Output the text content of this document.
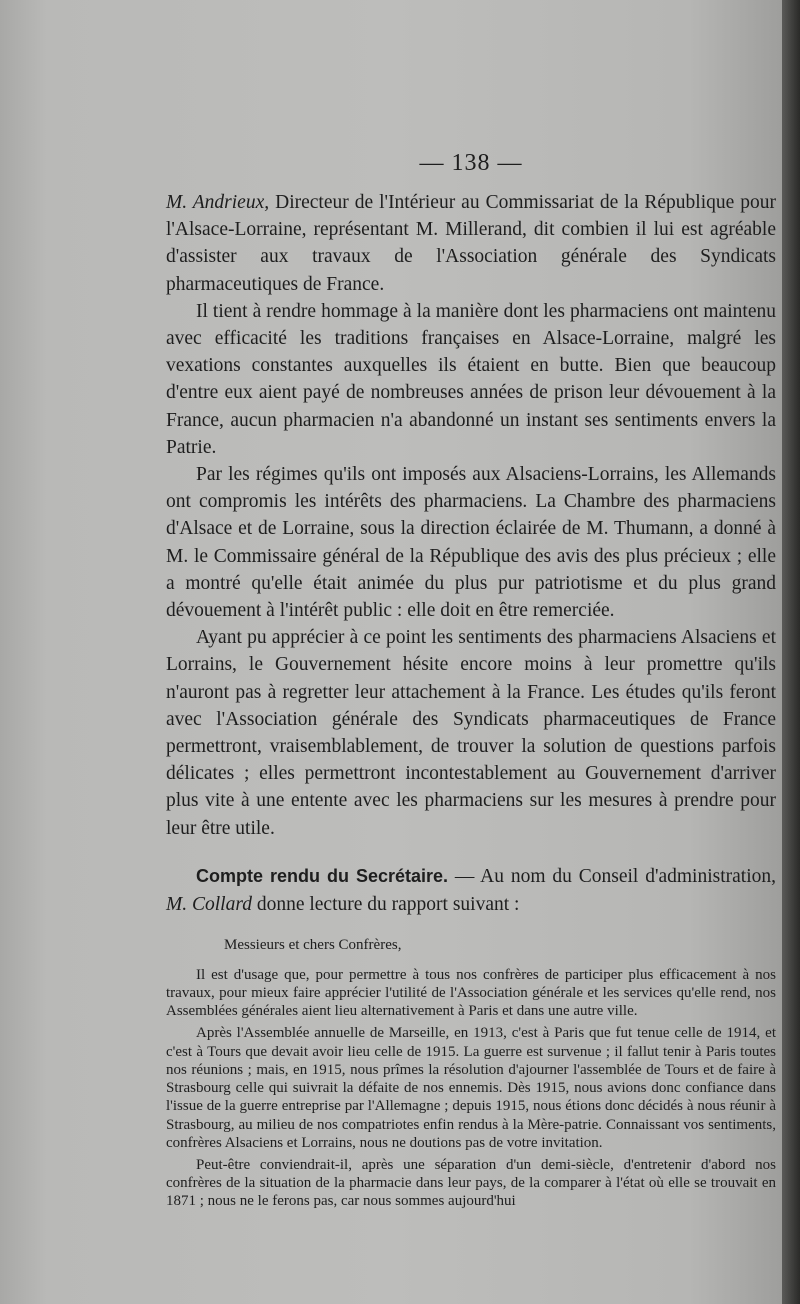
— 138 —

M. Andrieux, Directeur de l'Intérieur au Commissariat de la République pour l'Alsace-Lorraine, représentant M. Millerand, dit combien il lui est agréable d'assister aux travaux de l'Association générale des Syndicats pharmaceutiques de France.

Il tient à rendre hommage à la manière dont les pharmaciens ont maintenu avec efficacité les traditions françaises en Alsace-Lorraine, malgré les vexations constantes auxquelles ils étaient en butte. Bien que beaucoup d'entre eux aient payé de nombreuses années de prison leur dévouement à la France, aucun pharmacien n'a abandonné un instant ses sentiments envers la Patrie.

Par les régimes qu'ils ont imposés aux Alsaciens-Lorrains, les Allemands ont compromis les intérêts des pharmaciens. La Chambre des pharmaciens d'Alsace et de Lorraine, sous la direction éclairée de M. Thumann, a donné à M. le Commissaire général de la République des avis des plus précieux ; elle a montré qu'elle était animée du plus pur patriotisme et du plus grand dévouement à l'intérêt public : elle doit en être remerciée.

Ayant pu apprécier à ce point les sentiments des pharmaciens Alsaciens et Lorrains, le Gouvernement hésite encore moins à leur promettre qu'ils n'auront pas à regretter leur attachement à la France. Les études qu'ils feront avec l'Association générale des Syndicats pharmaceutiques de France permettront, vraisemblablement, de trouver la solution de questions parfois délicates ; elles permettront incontestablement au Gouvernement d'arriver plus vite à une entente avec les pharmaciens sur les mesures à prendre pour leur être utile.

Compte rendu du Secrétaire. — Au nom du Conseil d'administration, M. Collard donne lecture du rapport suivant :

Messieurs et chers Confrères,

Il est d'usage que, pour permettre à tous nos confrères de participer plus efficacement à nos travaux, pour mieux faire apprécier l'utilité de l'Association générale et les services qu'elle rend, nos Assemblées générales aient lieu alternativement à Paris et dans une autre ville.

Après l'Assemblée annuelle de Marseille, en 1913, c'est à Paris que fut tenue celle de 1914, et c'est à Tours que devait avoir lieu celle de 1915. La guerre est survenue ; il fallut tenir à Paris toutes nos réunions ; mais, en 1915, nous prîmes la résolution d'ajourner l'assemblée de Tours et de faire à Strasbourg celle qui suivrait la défaite de nos ennemis. Dès 1915, nous avions donc confiance dans l'issue de la guerre entreprise par l'Allemagne ; depuis 1915, nous étions donc décidés à nous réunir à Strasbourg, au milieu de nos compatriotes enfin rendus à la Mère-patrie. Connaissant vos sentiments, confrères Alsaciens et Lorrains, nous ne doutions pas de votre invitation.

Peut-être conviendrait-il, après une séparation d'un demi-siècle, d'entretenir d'abord nos confrères de la situation de la pharmacie dans leur pays, de la comparer à l'état où elle se trouvait en 1871 ; nous ne le ferons pas, car nous sommes aujourd'hui
